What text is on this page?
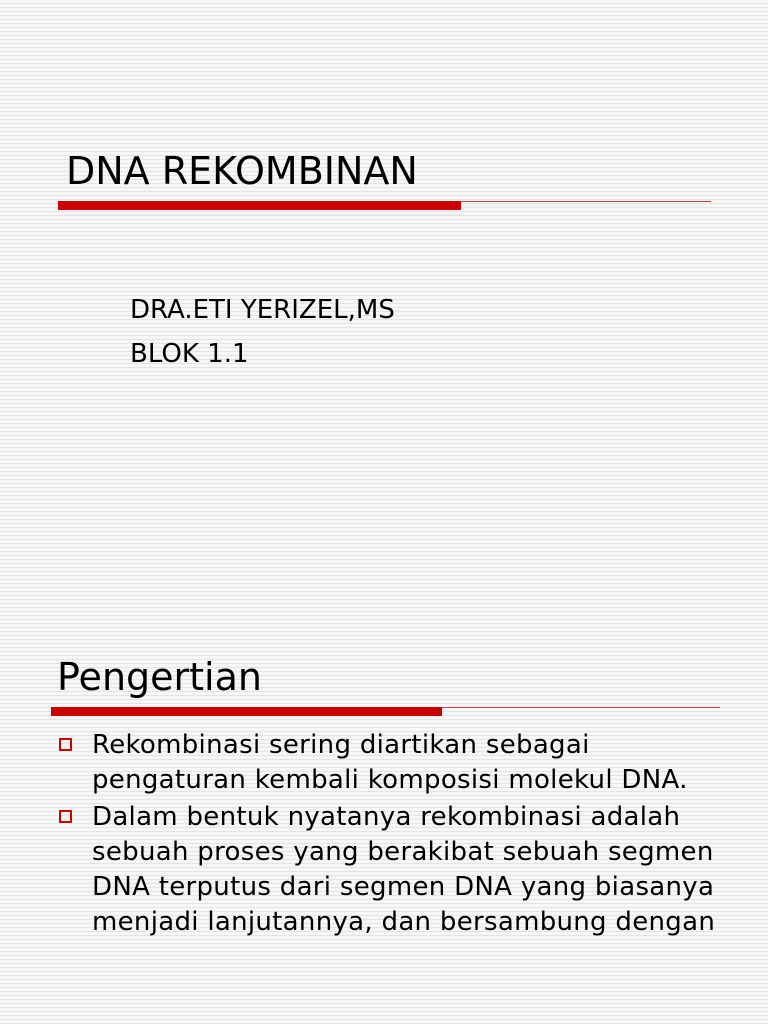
DNA REKOMBINAN
DRA.ETI YERIZEL,MS
BLOK 1.1
Pengertian
Rekombinasi sering diartikan sebagai pengaturan kembali komposisi molekul DNA.
Dalam bentuk nyatanya rekombinasi adalah sebuah proses yang berakibat sebuah segmen DNA terputus dari segmen DNA yang biasanya menjadi lanjutannya, dan bersambung dengan
